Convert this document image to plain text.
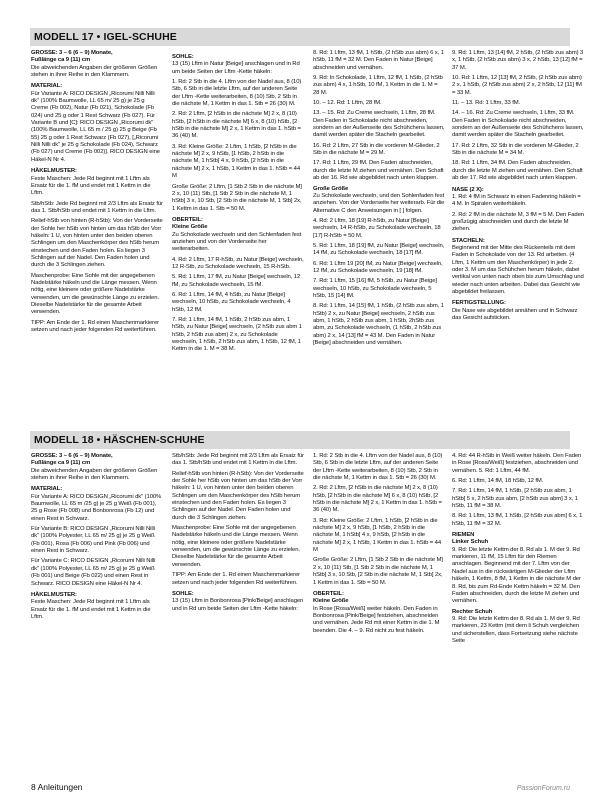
MODELL 17 • IGEL-SCHUHE
GRÖSSE: 3 – 6 (6 – 9) Monate,
Fußlänge ca 9 (11) cm

Die abweichenden Angaben der größeren Größen stehen in ihrer Reihe in den Klammern.

MATERIAL:

Für Variante A: RICO DESIGN „Ricorumi Nilli Nilli dk" (100% Baumwolle, LL 65 m/ 25 g) je 25 g Creme (Fb 002), Natur (Fb 021), Schokolade (Fb 024) und 25 g oder 1 Rest Schwarz (Fb 027). Für Variante B und [C]: RICO DESIGN „Ricorumi dk" (100% Baumwolle, LL 65 m / 25 g) 25 g Beige (Fb 55) 25 g oder 1 Rest Schwarz (Fb 027), [„Ricorumi Nilli Nilli dk" je 25 g Schokolade (Fb 024), Schwarz (Fb 027) und Creme (Fb 002)]. RICO DESIGN eine Häkel-N Nr 4.

HÄKELMUSTER:

Feste Maschen: Jede Rd beginnt mit 1 Lftm als Ersatz für die 1. fM und endet mit 1 Kettm in die Lftm.

Stb/hStb: Jede Rd beginnt mit 2/3 Lftm als Ersatz für das 1. Stb/hStb und endet mit 1 Kettm in die Lftm.

Relief-hStb von hinten (R-hStb): Von der Vorderseite der Sohle her hStb von hinten um das hStb der Vorr häkeln: 1 U, von hinten unter den beiden oberen Schlingen um den Maschenkörper des hStb herum einstechen und den Faden holen. Es liegen 3 Schlingen auf der Nadel. Den Faden holen und durch die 3 Schlingen ziehen.

Maschenprobe: Eine Sohle mit der angegebenen Nadelstärke häkeln und die Länge messen. Wenn nötig, eine kleinere oder größere Nadelstärke verwenden, um die gewünschte Länge zu erzielen. Dieselbe Nadelstärke für die gesamte Arbeit verwenden.

TIPP: Am Ende der 1. Rd einen Maschenmarkierer setzen und nach jeder folgenden Rd weiterführen.

SOHLE:

13 (15) Lftm in Natur [Beige] anschlagen und in Rd um beide Seiten der Lftm -Kette häkeln:

1. Rd: 2 Stb in die 4. Lftm von der Nadel aus, 8 (10) Stb, 6 Stb in die letzte Lftm, auf der anderen Seite der Lftm -Kette weiterarbeiten, 8 (10) Stb, 2 Stb in die nächste M, 1 Kettm in das 1. Stb = 26 (30) M.

2. Rd: 2 Lftm, [2 hStb in die nächste M] 2 x, 8 (10) hStb, [2 hStb in die nächste M] 6 x, 8 (10) hStb, [2 hStb in die nächste M] 2 x, 1 Kettm in das 1. hStb = 36 (40) M.

3. Rd: Kleine Größe: 2 Lftm, 1 hStb, [2 hStb in die nächste M] 2 x, 9 hStb, [1 hStb, 2 hStb in die nächste M, 1 hStb] 4 x, 9 hStb, [2 hStb in die nächste M] 2 x, 1 hStb, 1 Kettm in das 1. hStb = 44 M

Große Größe: 2 Lftm, [1 Stb 2 Stb in die nächste M] 2 x, 10 (11) Stb, [1 Stb 2 Stb in die nächste M, 1 hStb] 3 x, 10 Stb, [2 Stb in die nächste M, 1 Stb] 2x, 1 Kettm in das 1. Stb = 50 M.

OBERTEIL:
Kleine Größe

Zu Schokolade wechseln und den Schlenfaden fest anziehen und von der Vorderseite her weiterarbeiten.

4. Rd: 2 Lftm, 17 R-hStb, zu Natur [Beige] wechseln, 12 R-Stb, zu Schokolade wechseln, 15 R-hStb.

5. Rd: 1 Lftm, 17 fM, zu Natur [Beige] wechseln, 12 fM, zu Schokolade wechseln, 15 fM.

6. Rd: 1 Lftm, 14 fM, 4 hStb, zu Natur [Beige] wechseln, 10 hStb, zu Schokolade wechseln, 4 hStb, 12 fM.

7. Rd: 1 Lftm, 14 fM, 1 hStb, 2 hStb zus abm, 1 hStb, zu Natur [Beige] wechseln, (2 hStb zus abm 1 hStb, 2 hStb zus abm) 2 x, zu Schokolade wechseln, 1 hStb, 2 hStb zus abm, 1 hStb, 12 fM, 1 Kettm in die 1. M = 38 M.

8. Rd: 1 Lftm, 13 fM, 1 hStb, (2 hStb zus abm) 6 x, 1 hStb, 11 fM = 32 M. Den Faden in Natur [Beige] abschneiden und vernähen.

9. Rd: In Schokolade, 1 Lftm, 12 fM, 1 hStb, (2 hStb zus abm) 4 x, 1 hStb, 10 fM, 1 Kettm in die 1. M = 28 M.

10. – 12. Rd: 1 Lftm, 28 fM.

13. – 15. Rd: Zu Creme wechseln, 1 Lftm, 28 fM. Den Faden in Schokolade nicht abschneiden, sondern an der Außenseite des Schühchens lassen, damit werden später die Stacheln gearbeitet.

16. Rd: 2 Lftm, 27 Stb in die vorderen M-Glieder, 2 Stb in die nächste M = 29 M.

17. Rd: 1 Lftm, 29 fM. Den Faden abschneiden, durch die letzte M ziehen und vernähen. Den Schaft ab der 16. Rd wie abgebildet nach unten klappen.

Große Größe

Zu Schokolade wechseln, und den Sohlenfaden fest anziehen. Von der Vorderseite her weiterarb. Für die Alternative C den Anweisungen in [ ] folgen.

4. Rd: 2 Lftm, 18 [19] R-hStb, zu Natur [Beige] wechseln, 14 R-hStb, zu Schokolade wechseln, 18 [17] R-hStb = 50 M.

5. Rd: 1 Lftm, 18 [19] fM, zu Natur [Beige] wechseln, 14 fM, zu Schokolade wechseln, 18 [17] fM.

6. Rd: 1 Lftm 19 [20] fM, zu Natur [Beige] wechseln, 12 fM, zu Schokolade wechseln, 19 [18] fM.

7. Rd: 1 Lftm, 15 [16] fM, 5 hStb, zu Natur [Beige] wechseln, 10 hStb, zu Schokolade wechseln, 5 hStb, 15 [14] fM.

8. Rd: 1 Lftm, 14 [15] fM, 1 hStb, (2 hStb zus abm, 1 hStb) 2 x, zu Natur [Beige] wechseln, 2 hStb zus abm, 1 hStb, 2 hStb zus abm, 1 hStb, 2hStb zus abm, zu Schokolade wechseln, (1 hStb, 2 hStb zus abm) 2 x, 14 [13] fM = 43 M. Den Faden in Natur [Beige] abschneiden und vernähen.

9. Rd: 1 Lftm, 13 [14] fM, 2 hStb, (2 hStb zus abm) 3 x, 1 hStb, (2 hStb zus abm) 3 x, 2 hStb, 13 [12] fM = 37 M.

10. Rd: 1 Lftm, 12 [13] fM, 2 hStb, (2 hStb zus abm) 2 x, 1 hStb, (2 hStb zus abm) 2 x, 2 hStb, 12 [11] fM = 33 M.

11. – 13. Rd: 1 Lftm, 33 fM.

14. – 16. Rd: Zu Creme wechseln, 1 Lftm, 33 fM. Den Faden in Schokolade nicht abschneiden, sondern an der Außenseite des Schühchens lassen, damit werden später die Stacheln gearbeitet.

17. Rd: 2 Lftm, 32 Stb in die vorderen M-Glieder, 2 Stb in die nächste M = 34 M.

18. Rd: 1 Lftm, 34 fM. Den Faden abschneiden, durch die letzte M ziehen und vernähen. Den Schaft ab der 17. Rd wie abgebildet nach unten klappen.

NASE (2 X):

1. Rd: 4 fM in Schwarz in einen Fadenring häkeln = 4 M. In Spiralen weiterhäkeln.

2. Rd: 2 fM in die nächste M, 3 fM = 5 M. Den Faden großzügig abschneiden und durch die letzte M ziehen.

STACHELN:

Beginnend mit der Mitte des Rückenteils mit dem Faden in Schokolade von der 13. Rd arbeiten. (4 Lftm, 1 Kettm um den Maschenkörper) in jede 2. oder 3. M um das Schühchen herum häkeln, dabei vertikal von unten nach oben bis zum Umschlag und wieder nach unten arbeiten. Dabei das Gesicht wie abgebildet freilassen.

FERTIGSTELLUNG:

Die Nase wie abgebildet annähen und in Schwarz das Gesicht aufsticken.

MODELL 18 • HÄSCHEN-SCHUHE
GRÖSSE: 3 – 6 (6 – 9) Monate,
Fußlänge ca 9 (11) cm

Die abweichenden Angaben der größeren Größen stehen in ihrer Reihe in den Klammern.

MATERIAL:

Für Variante A: RICO DESIGN „Ricorumi dk" (100% Baumwolle, LL 65 m /25 g) je 25 g Weiß (Fb 001), 25 g Rose (Fb 008) und Bonbonrosa (Fb 12) und einen Rest in Schwarz.

Für Variante B: RICO DESIGN „Ricorumi Nilli Nilli dk" (100% Polyester, LL 65 m/ 25 g) je 25 g Weiß (Fb 001), Rosa (Fb 006) und Pink (Fb 006) und einen Rest in Schwarz.

Für Variante C: RICO DESIGN „Ricorumi Nilli Nilli dk" (100% Polyester, LL 65 m/ 25 g) je 25 g Weiß (Fb 001) und Beige (Fb 022) und einen Rest in Schwarz. RICO DESIGN eine Häkel-N Nr 4.

HÄKELMUSTER:

Feste Maschen: Jede Rd beginnt mit 1 Lftm als Ersatz für die 1. fM und endet mit 1 Kettm in die Lftm.

Stb/hStb: Jede Rd beginnt mit 2/3 Lftm als Ersatz für das 1. Stb/hStb und endet mit 1 Kettm in die Lftm.

Relief-hStb von hinten (R-hStb): Von der Vorderseite der Sohle her hStb von hinten um das hStb der Vorr häkeln: 1 U, von hinten unter den beiden oberen Schlingen um den Maschenkörper des hStb herum einstechen und den Faden holen. Es liegen 3 Schlingen auf der Nadel. Den Faden holen und durch die 3 Schlingen ziehen.

Maschenprobe: Eine Sohle mit der angegebenen Nadelstärke häkeln und die Länge messen. Wenn nötig, eine kleinere oder größere Nadelstärke verwenden, um die gewünschte Länge zu erzielen. Dieselbe Nadelstärke für die gesamte Arbeit verwenden.

TIPP: Am Ende der 1. Rd einen Maschenmarkierer setzen und nach jeder folgenden Rd weiterführen.

SOHLE:

13 (15) Lftm in Bonbonrosa [Pink/Beige] anschlagen und in Rd um beide Seiten der Lftm -Kette häkeln:

1. Rd: 2 Stb in die 4. Lftm von der Nadel aus, 8 (10) Stb, 6 Stb in die letzte Lftm, auf der anderen Seite der Lftm -Kette weiterarbeiten, 8 (10) Stb, 2 Stb in die nächste M, 1 Kettm in das 1. Stb = 26 (30) M.

2. Rd: 2 Lftm, [2 hStb in die nächste M] 2 x, 8 (10) hStb, [2 hStb in die nächste M] 6 x, 8 (10) hStb, [2 hStb in die nächste M] 2 x, 1 Kettm in das 1. hStb = 36 (40) M.

3. Rd: Kleine Größe: 2 Lftm, 1 hStb, [2 hStb in die nächste M] 2 x, 9 hStb, [1 hStb, 2 hStb in die nächste M, 1 hStb] 4 x, 9 hStb, [2 hStb in die nächste M] 2 x, 1 hStb, 1 Kettm in das 1. hStb = 44 M

Große Größe: 2 Lftm, [1 Stb 2 Stb in die nächste M] 2 x, 10 (11) Stb, [1 Stb 2 Stb in die nächste M, 1 hStb] 3 x, 10 Stb, [2 Stb in die nächste M, 1 Stb] 2x, 1 Kettm in das 1. Stb = 50 M.

OBERTEIL:
Kleine Größe

In Rose [Rosa/Weiß] weiter häkeln. Den Faden in Bonbonrosa [Pink/Beige] festziehen, abschneiden und vernähen. Jede Rd mit einer Kettm in die 1. M beenden. Die 4. – 9. Rd nicht zu fest häkeln.

4. Rd: 44 R-hStb in Weiß weiter häkeln. Den Faden in Rose [Rosa/Weiß] festziehen, abschneiden und vernähen. 5. Rd: 1 Lftm, 44 fM.

6. Rd: 1 Lftm, 14 fM, 18 hStb, 12 fM.

7. Rd: 1 Lftm, 14 fM, 1 hStb, [2 hStb zus abm, 1 hStb] 5 x, 2 hStb zus abm, [2 hStb zus abm] 3 x, 1 hStb, 11 fM = 38 M.

8. Rd: 1 Lftm, 13 fM, 1 hStb, [2 hStb zus abm] 6 x, 1 hStb, 11 fM = 32 M.

RIEMEN
Linker Schuh

9. Rd: Die letzte Kettm der 8. Rd als 1. M der 9. Rd markieren, 11 fM, 15 Lftm für den Riemen anschlagen. Beginnend mit der 7. Lftm von der Nadel aus in die rückwärtigen M-Glieder der Lftm häkeln, 1 Kettm, 8 fM, 1 Kettm in die nächste M der 8. Rd, bis zum Rd-Ende Kettm häkeln = 32 M. Den Faden abschneiden, durch die letzte M ziehen und vernähen.

Rechter Schuh

9. Rd: Die letzte Kettm der 8. Rd als 1. M der 9. Rd markieren, 23 Kettm (mit dem li Schuh vergleichen und sicherstellen, dass Fortsetzung siehe nächste Seite

8 Anleitungen	PassionForum.ru
